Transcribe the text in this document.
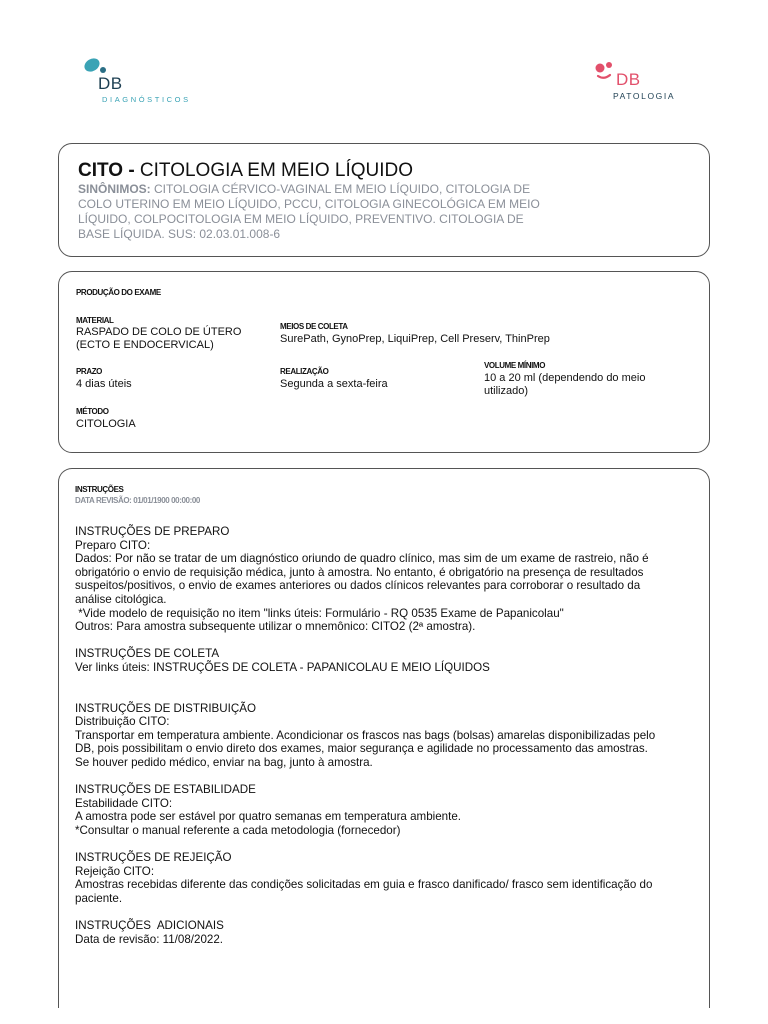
DB
DIAGNÓSTICOS
DB
PATOLOGIA
CITO - CITOLOGIA EM MEIO LÍQUIDO
SINÔNIMOS: CITOLOGIA CÉRVICO-VAGINAL EM MEIO LÍQUIDO, CITOLOGIA DE COLO UTERINO EM MEIO LÍQUIDO, PCCU, CITOLOGIA GINECOLÓGICA EM MEIO LÍQUIDO, COLPOCITOLOGIA EM MEIO LÍQUIDO, PREVENTIVO. CITOLOGIA DE BASE LÍQUIDA. SUS: 02.03.01.008-6
PRODUÇÃO DO EXAME
MATERIAL
RASPADO DE COLO DE ÚTERO
(ECTO E ENDOCERVICAL)
MEIOS DE COLETA
SurePath, GynoPrep, LiquiPrep, Cell Preserv, ThinPrep
PRAZO
4 dias úteis
REALIZAÇÃO
Segunda a sexta-feira
VOLUME MÍNIMO
10 a 20 ml (dependendo do meio
utilizado)
MÉTODO
CITOLOGIA
INSTRUÇÕES
DATA REVISÃO: 01/01/1900 00:00:00

INSTRUÇÕES DE PREPARO

Preparo CITO:

Dados: Por não se tratar de um diagnóstico oriundo de quadro clínico, mas sim de um exame de rastreio, não é

obrigatório o envio de requisição médica, junto à amostra. No entanto, é obrigatório na presença de resultados

suspeitos/positivos, o envio de exames anteriores ou dados clínicos relevantes para corroborar o resultado da

análise citológica.

*Vide modelo de requisição no item "links úteis: Formulário - RQ 0535 Exame de Papanicolau"

Outros: Para amostra subsequente utilizar o mnemônico: CITO2 (2ª amostra).

INSTRUÇÕES DE COLETA

Ver links úteis: INSTRUÇÕES DE COLETA - PAPANICOLAU E MEIO LÍQUIDOS

INSTRUÇÕES DE DISTRIBUIÇÃO

Distribuição CITO:

Transportar em temperatura ambiente. Acondicionar os frascos nas bags (bolsas) amarelas disponibilizadas pelo

DB, pois possibilitam o envio direto dos exames, maior segurança e agilidade no processamento das amostras.

Se houver pedido médico, enviar na bag, junto à amostra.

INSTRUÇÕES DE ESTABILIDADE

Estabilidade CITO:

A amostra pode ser estável por quatro semanas em temperatura ambiente.

*Consultar o manual referente a cada metodologia (fornecedor)

INSTRUÇÕES DE REJEIÇÃO

Rejeição CITO:

Amostras recebidas diferente das condições solicitadas em guia e frasco danificado/ frasco sem identificação do

paciente.

INSTRUÇÕES  ADICIONAIS

Data de revisão: 11/08/2022.
